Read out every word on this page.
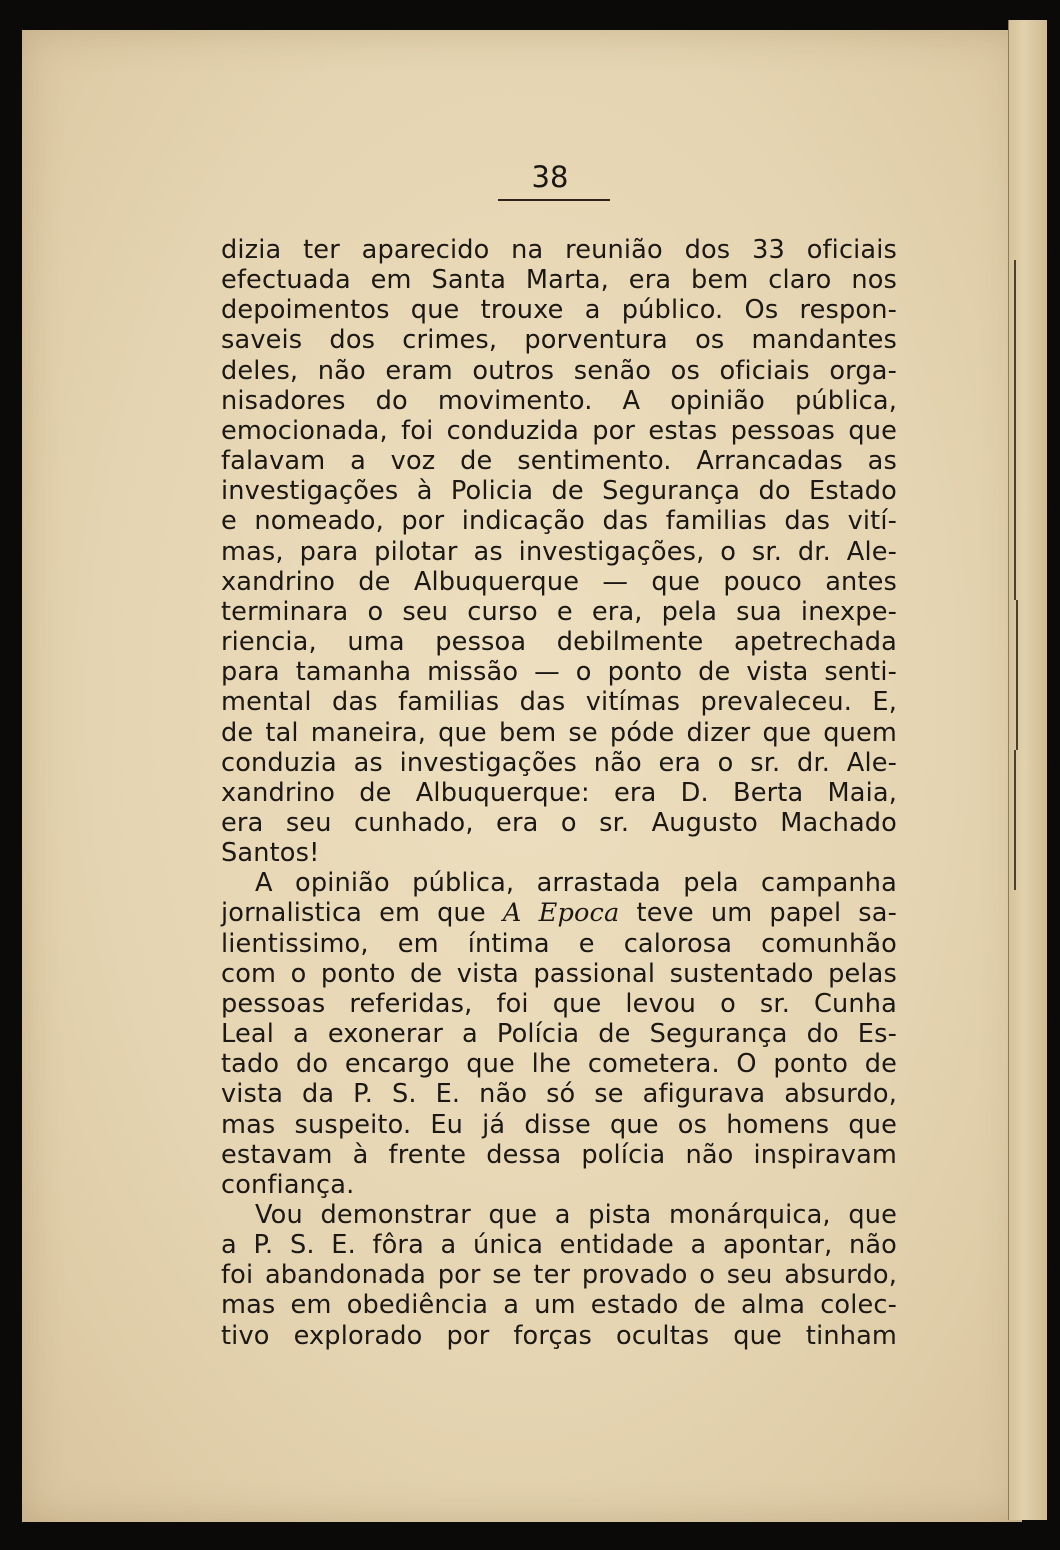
38
dizia ter aparecido na reunião dos 33 oficiais
efectuada em Santa Marta, era bem claro nos
depoimentos que trouxe a público. Os respon-
saveis dos crimes, porventura os mandantes
deles, não eram outros senão os oficiais orga-
nisadores do movimento. A opinião pública,
emocionada, foi conduzida por estas pessoas que
falavam a voz de sentimento. Arrancadas as
investigações à Policia de Segurança do Estado
e nomeado, por indicação das familias das vití-
mas, para pilotar as investigações, o sr. dr. Ale-
xandrino de Albuquerque — que pouco antes
terminara o seu curso e era, pela sua inexpe-
riencia, uma pessoa debilmente apetrechada
para tamanha missão — o ponto de vista senti-
mental das familias das vitímas prevaleceu. E,
de tal maneira, que bem se póde dizer que quem
conduzia as investigações não era o sr. dr. Ale-
xandrino de Albuquerque: era D. Berta Maia,
era seu cunhado, era o sr. Augusto Machado
Santos!
A opinião pública, arrastada pela campanha
jornalistica em que A Epoca teve um papel sa-
lientissimo, em íntima e calorosa comunhão
com o ponto de vista passional sustentado pelas
pessoas referidas, foi que levou o sr. Cunha
Leal a exonerar a Polícia de Segurança do Es-
tado do encargo que lhe cometera. O ponto de
vista da P. S. E. não só se afigurava absurdo,
mas suspeito. Eu já disse que os homens que
estavam à frente dessa polícia não inspiravam
confiança.
Vou demonstrar que a pista monárquica, que
a P. S. E. fôra a única entidade a apontar, não
foi abandonada por se ter provado o seu absurdo,
mas em obediência a um estado de alma colec-
tivo explorado por forças ocultas que tinham
